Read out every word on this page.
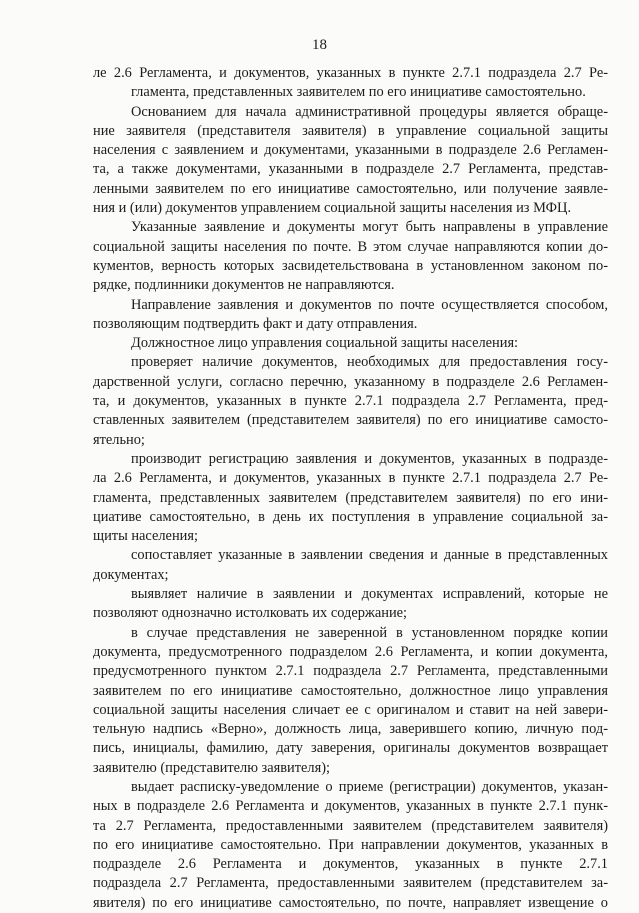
18
ле 2.6 Регламента, и документов, указанных в пункте 2.7.1 подраздела 2.7 Ре-
гламента, представленных заявителем по его инициативе самостоятельно.
Основанием для начала административной процедуры является обраще-
ние заявителя (представителя заявителя) в управление социальной защиты
населения с заявлением и документами, указанными в подразделе 2.6 Регламен-
та, а также документами, указанными в подразделе 2.7 Регламента, представ-
ленными заявителем по его инициативе самостоятельно, или получение заявле-
ния и (или) документов управлением социальной защиты населения из МФЦ.
Указанные заявление и документы могут быть направлены в управление
социальной защиты населения по почте. В этом случае направляются копии до-
кументов, верность которых засвидетельствована в установленном законом по-
рядке, подлинники документов не направляются.
Направление заявления и документов по почте осуществляется способом,
позволяющим подтвердить факт и дату отправления.
Должностное лицо управления социальной защиты населения:
проверяет наличие документов, необходимых для предоставления госу-
дарственной услуги, согласно перечню, указанному в подразделе 2.6 Регламен-
та, и документов, указанных в пункте 2.7.1 подраздела 2.7 Регламента, пред-
ставленных заявителем (представителем заявителя) по его инициативе самосто-
ятельно;
производит регистрацию заявления и документов, указанных в подразде-
ла 2.6 Регламента, и документов, указанных в пункте 2.7.1 подраздела 2.7 Ре-
гламента, представленных заявителем (представителем заявителя) по его ини-
циативе самостоятельно, в день их поступления в управление социальной за-
щиты населения;
сопоставляет указанные в заявлении сведения и данные в представленных
документах;
выявляет наличие в заявлении и документах исправлений, которые не
позволяют однозначно истолковать их содержание;
в случае представления не заверенной в установленном порядке копии
документа, предусмотренного подразделом 2.6 Регламента, и копии документа,
предусмотренного пунктом 2.7.1 подраздела 2.7 Регламента, представленными
заявителем по его инициативе самостоятельно, должностное лицо управления
социальной защиты населения сличает ее с оригиналом и ставит на ней завери-
тельную надпись «Верно», должность лица, заверившего копию, личную под-
пись, инициалы, фамилию, дату заверения, оригиналы документов возвращает
заявителю (представителю заявителя);
выдает расписку-уведомление о приеме (регистрации) документов, указан-
ных в подразделе 2.6 Регламента и документов, указанных в пункте 2.7.1 пунк-
та 2.7 Регламента, предоставленными заявителем (представителем заявителя)
по его инициативе самостоятельно. При направлении документов, указанных в
подразделе 2.6 Регламента и документов, указанных в пункте 2.7.1
подраздела 2.7 Регламента, предоставленными заявителем (представителем за-
явителя) по его инициативе самостоятельно, по почте, направляет извещение о
